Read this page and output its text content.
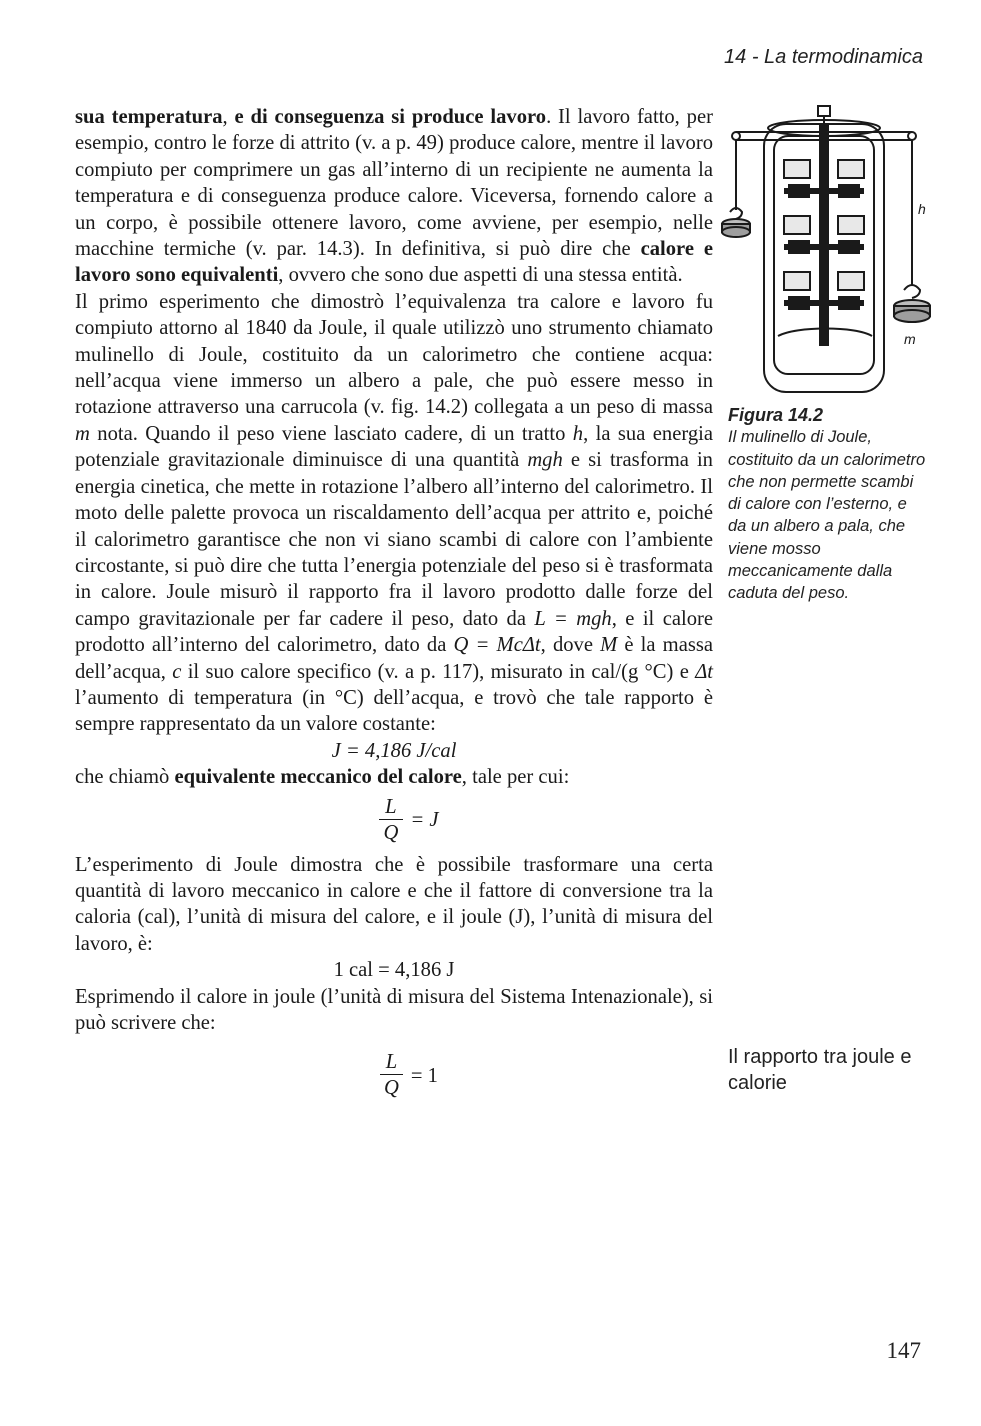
14 - La termodinamica

sua temperatura, e di conseguenza si produce lavoro. Il lavoro fatto, per esempio, contro le forze di attrito (v. a p. 49) produce calore, mentre il lavoro compiuto per comprimere un gas all’interno di un recipiente ne aumenta la temperatura e di conseguenza produce calore. Viceversa, fornendo calore a un corpo, è possibile ottenere lavoro, come avviene, per esempio, nelle macchine termiche (v. par. 14.3). In definitiva, si può dire che calore e lavoro sono equivalenti, ovvero che sono due aspetti di una stessa entità.

Il primo esperimento che dimostrò l’equivalenza tra calore e lavoro fu compiuto attorno al 1840 da Joule, il quale utilizzò uno strumento chiamato mulinello di Joule, costituito da un calorimetro che contiene acqua: nell’acqua viene immerso un albero a pale, che può essere messo in rotazione attraverso una carrucola (v. fig. 14.2) collegata a un peso di massa m nota. Quando il peso viene lasciato cadere, di un tratto h, la sua energia potenziale gravitazionale diminuisce di una quantità mgh e si trasforma in energia cinetica, che mette in rotazione l’albero all’interno del calorimetro. Il moto delle palette provoca un riscaldamento dell’acqua per attrito e, poiché il calorimetro garantisce che non vi siano scambi di calore con l’ambiente circostante, si può dire che tutta l’energia potenziale del peso si è trasformata in calore. Joule misurò il rapporto fra il lavoro prodotto dalle forze del campo gravitazionale per far cadere il peso, dato da L = mgh, e il calore prodotto all’interno del calorimetro, dato da Q = McΔt, dove M è la massa dell’acqua, c il suo calore specifico (v. a p. 117), misurato in cal/(g °C) e Δt l’aumento di temperatura (in °C) dell’acqua, e trovò che tale rapporto è sempre rappresentato da un valore costante:

J = 4,186 J/cal

che chiamò equivalente meccanico del calore, tale per cui:

$\frac{L}{Q} = J$

L’esperimento di Joule dimostra che è possibile trasformare una certa quantità di lavoro meccanico in calore e che il fattore di conversione tra la caloria (cal), l’unità di misura del calore, e il joule (J), l’unità di misura del lavoro, è:

1 cal = 4,186 J

Esprimendo il calore in joule (l’unità di misura del Sistema Intenazionale), si può scrivere che:

$\frac{L}{Q} = 1$
h
m
Figura 14.2
Il mulinello di Joule, costituito da un calorimetro che non permette scambi di calore con l’esterno, e da un albero a pala, che viene mosso meccanicamente dalla caduta del peso.
Il rapporto tra joule e calorie
147
